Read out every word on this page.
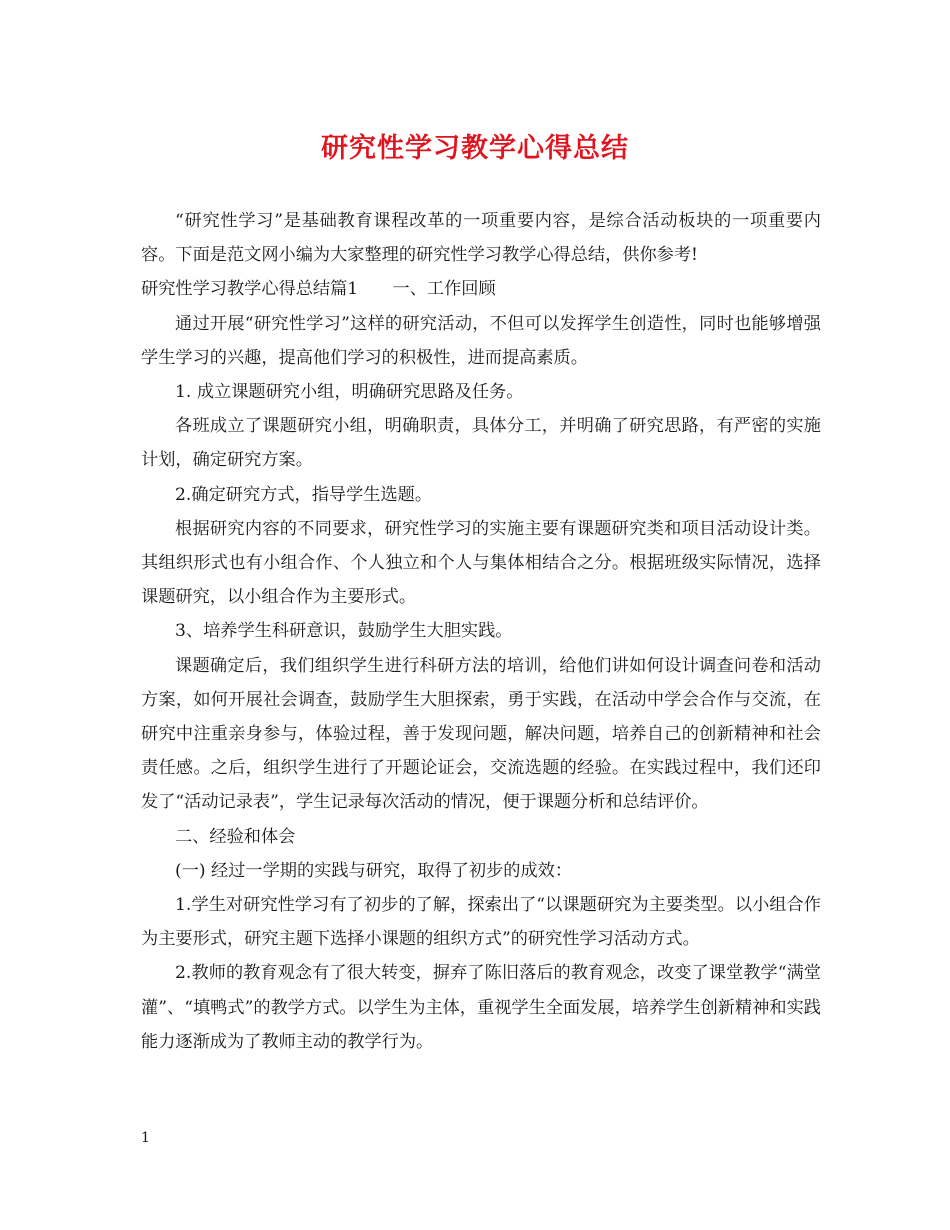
研究性学习教学心得总结

“研究性学习”是基础教育课程改革的一项重要内容，是综合活动板块的一项重要内容。下面是范文网小编为大家整理的研究性学习教学心得总结，供你参考!

研究性学习教学心得总结篇1　　一、工作回顾

通过开展“研究性学习”这样的研究活动，不但可以发挥学生创造性，同时也能够增强学生学习的兴趣，提高他们学习的积极性，进而提高素质。

1. 成立课题研究小组，明确研究思路及任务。

各班成立了课题研究小组，明确职责，具体分工，并明确了研究思路，有严密的实施计划，确定研究方案。

2.确定研究方式，指导学生选题。

根据研究内容的不同要求，研究性学习的实施主要有课题研究类和项目活动设计类。其组织形式也有小组合作、个人独立和个人与集体相结合之分。根据班级实际情况，选择课题研究，以小组合作为主要形式。

3、培养学生科研意识，鼓励学生大胆实践。

课题确定后，我们组织学生进行科研方法的培训，给他们讲如何设计调查问卷和活动方案，如何开展社会调查，鼓励学生大胆探索，勇于实践，在活动中学会合作与交流，在研究中注重亲身参与，体验过程，善于发现问题，解决问题，培养自己的创新精神和社会责任感。之后，组织学生进行了开题论证会，交流选题的经验。在实践过程中，我们还印发了“活动记录表”，学生记录每次活动的情况，便于课题分析和总结评价。

二、经验和体会

(一) 经过一学期的实践与研究，取得了初步的成效：

1.学生对研究性学习有了初步的了解，探索出了“以课题研究为主要类型。以小组合作为主要形式，研究主题下选择小课题的组织方式”的研究性学习活动方式。

2.教师的教育观念有了很大转变，摒弃了陈旧落后的教育观念，改变了课堂教学“满堂灌”、“填鸭式”的教学方式。以学生为主体，重视学生全面发展，培养学生创新精神和实践能力逐渐成为了教师主动的教学行为。

1
